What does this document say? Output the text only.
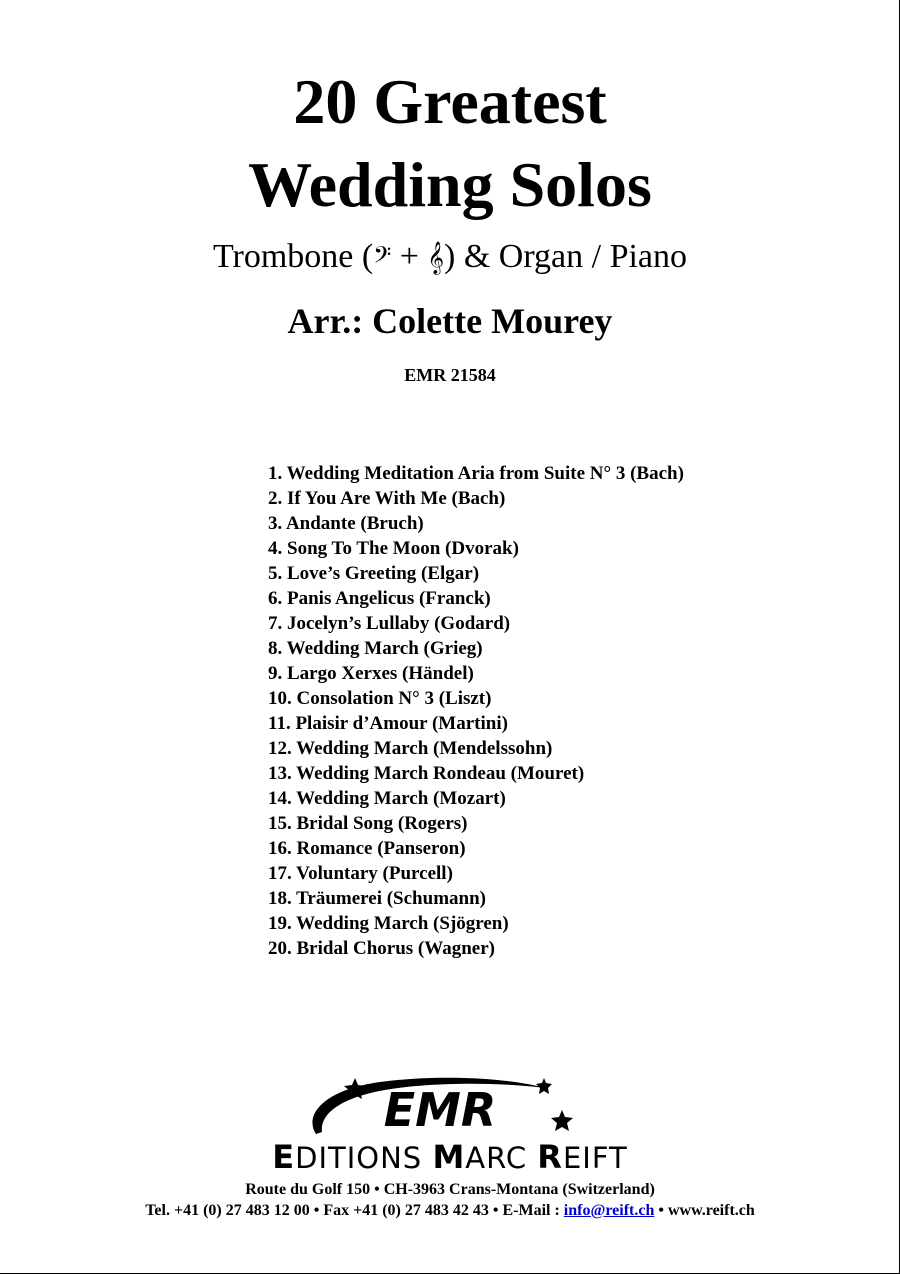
20 Greatest
Wedding Solos
Trombone (𝄢 + 𝄞) & Organ / Piano
Arr.: Colette Mourey
EMR 21584
1. Wedding Meditation Aria from Suite N° 3 (Bach)
2. If You Are With Me (Bach)
3. Andante (Bruch)
4. Song To The Moon (Dvorak)
5. Love’s Greeting (Elgar)
6. Panis Angelicus (Franck)
7. Jocelyn’s Lullaby (Godard)
8. Wedding March (Grieg)
9. Largo Xerxes (Händel)
10. Consolation N° 3 (Liszt)
11. Plaisir d’Amour (Martini)
12. Wedding March (Mendelssohn)
13. Wedding March Rondeau (Mouret)
14. Wedding March (Mozart)
15. Bridal Song (Rogers)
16. Romance (Panseron)
17. Voluntary (Purcell)
18. Träumerei (Schumann)
19. Wedding March (Sjögren)
20. Bridal Chorus (Wagner)
EMR
EDITIONS MARC REIFT
Route du Golf 150 • CH-3963 Crans-Montana (Switzerland)
Tel. +41 (0) 27 483 12 00 • Fax +41 (0) 27 483 42 43 • E-Mail : info@reift.ch • www.reift.ch
